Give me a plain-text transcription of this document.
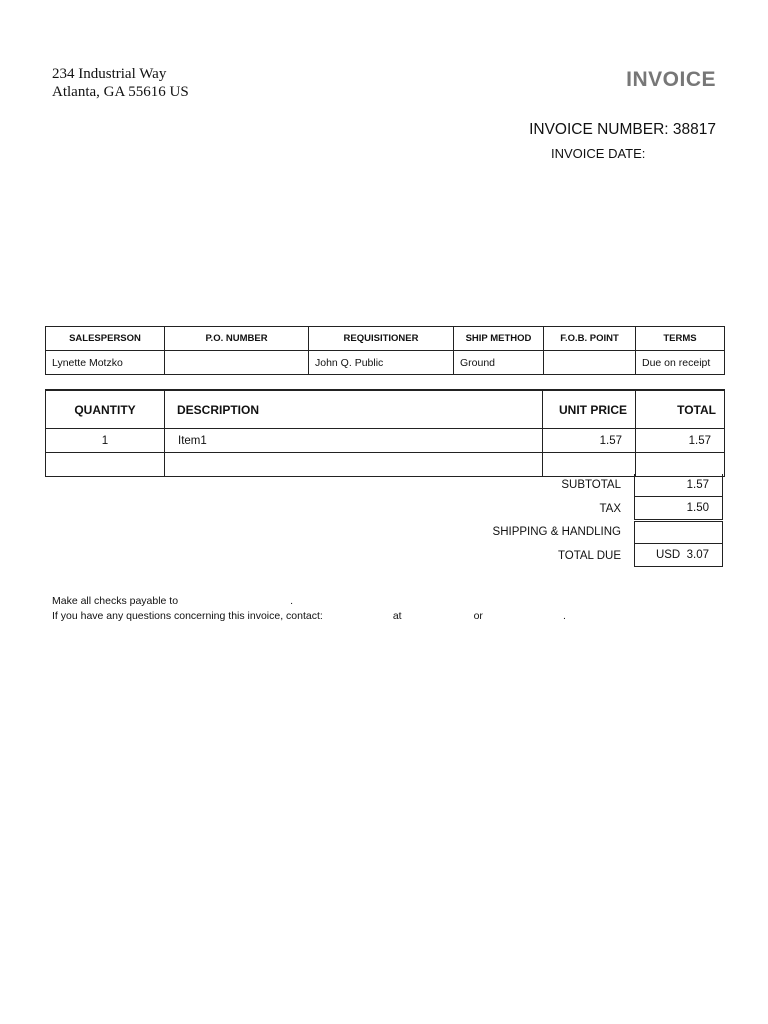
234 Industrial Way
Atlanta, GA 55616 US
INVOICE
INVOICE NUMBER: 38817
INVOICE DATE:
SALESPERSON	P.O. NUMBER	REQUISITIONER	SHIP METHOD	F.O.B. POINT	TERMS
Lynette Motzko		John Q. Public	Ground		Due on receipt
QUANTITY	DESCRIPTION	UNIT PRICE	TOTAL
1	Item1	1.57	1.57

SUBTOTAL	1.57
TAX	1.50
SHIPPING & HANDLING
TOTAL DUE	USD  3.07
Make all checks payable to	.
If you have any questions concerning this invoice, contact:	at	or	.
